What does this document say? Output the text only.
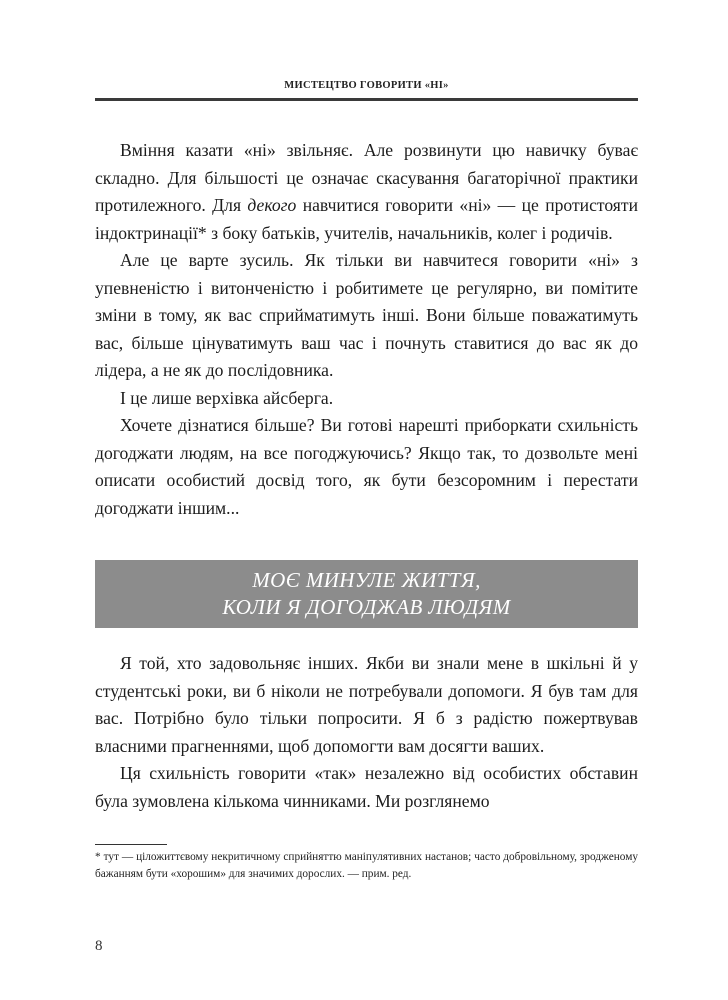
МИСТЕЦТВО ГОВОРИТИ «НІ»

Вміння казати «ні» звільняє. Але розвинути цю навичку буває складно. Для більшості це означає скасування багаторічної практики протилежного. Для декого навчитися говорити «ні» — це протистояти індоктринації* з боку батьків, учителів, начальників, колег і родичів.

Але це варте зусиль. Як тільки ви навчитеся говорити «ні» з упевненістю і витонченістю і робитимете це регулярно, ви помітите зміни в тому, як вас сприйматимуть інші. Вони більше поважатимуть вас, більше цінуватимуть ваш час і почнуть ставитися до вас як до лідера, а не як до послідовника.

І це лише верхівка айсберга.

Хочете дізнатися більше? Ви готові нарешті приборкати схильність догоджати людям, на все погоджуючись? Якщо так, то дозвольте мені описати особистий досвід того, як бути безсоромним і перестати догоджати іншим...

МОЄ МИНУЛЕ ЖИТТЯ,
КОЛИ Я ДОГОДЖАВ ЛЮДЯМ

Я той, хто задовольняє інших. Якби ви знали мене в шкільні й у студентські роки, ви б ніколи не потребували допомоги. Я був там для вас. Потрібно було тільки попросити. Я б з радістю пожертвував власними прагненнями, щоб допомогти вам досягти ваших.

Ця схильність говорити «так» незалежно від особистих обставин була зумовлена кількома чинниками. Ми розглянемо

* тут — ціложиттєвому некритичному сприйняттю маніпулятивних настанов; часто добровільному, зродженому бажанням бути «хорошим» для значимих дорослих. — прим. ред.
8
